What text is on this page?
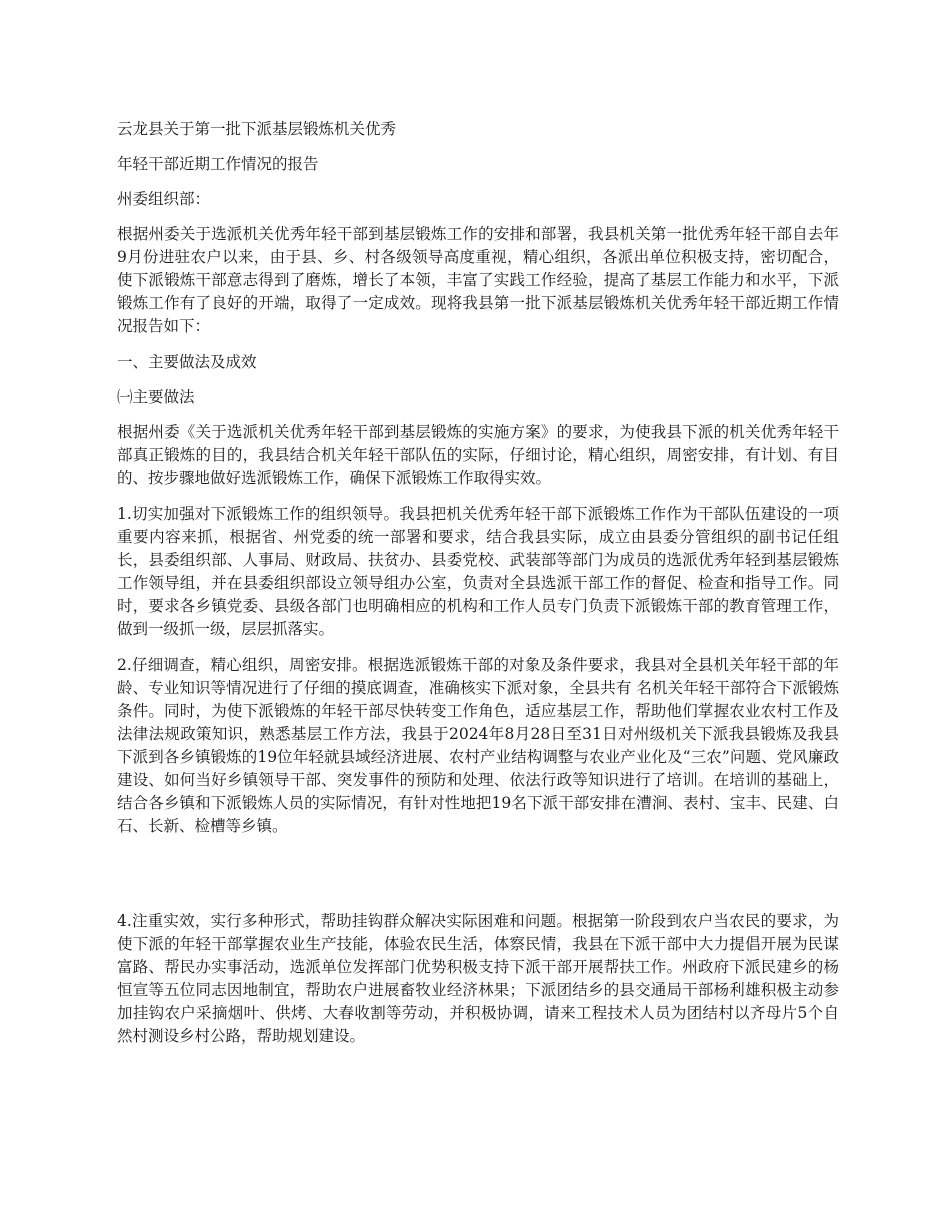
云龙县关于第一批下派基层锻炼机关优秀

年轻干部近期工作情况的报告

州委组织部：

根据州委关于选派机关优秀年轻干部到基层锻炼工作的安排和部署，我县机关第一批优秀年轻干部自去年9月份进驻农户以来，由于县、乡、村各级领导高度重视，精心组织，各派出单位积极支持，密切配合，使下派锻炼干部意志得到了磨炼，增长了本领，丰富了实践工作经验，提高了基层工作能力和水平，下派锻炼工作有了良好的开端，取得了一定成效。现将我县第一批下派基层锻炼机关优秀年轻干部近期工作情况报告如下：

一、主要做法及成效

㈠主要做法

根据州委《关于选派机关优秀年轻干部到基层锻炼的实施方案》的要求，为使我县下派的机关优秀年轻干部真正锻炼的目的，我县结合机关年轻干部队伍的实际，仔细讨论，精心组织，周密安排，有计划、有目的、按步骤地做好选派锻炼工作，确保下派锻炼工作取得实效。

1.切实加强对下派锻炼工作的组织领导。我县把机关优秀年轻干部下派锻炼工作作为干部队伍建设的一项重要内容来抓，根据省、州党委的统一部署和要求，结合我县实际，成立由县委分管组织的副书记任组长，县委组织部、人事局、财政局、扶贫办、县委党校、武装部等部门为成员的选派优秀年轻到基层锻炼工作领导组，并在县委组织部设立领导组办公室，负责对全县选派干部工作的督促、检查和指导工作。同时，要求各乡镇党委、县级各部门也明确相应的机构和工作人员专门负责下派锻炼干部的教育管理工作，做到一级抓一级，层层抓落实。

2.仔细调查，精心组织，周密安排。根据选派锻炼干部的对象及条件要求，我县对全县机关年轻干部的年龄、专业知识等情况进行了仔细的摸底调查，准确核实下派对象，全县共有 名机关年轻干部符合下派锻炼条件。同时，为使下派锻炼的年轻干部尽快转变工作角色，适应基层工作，帮助他们掌握农业农村工作及法律法规政策知识，熟悉基层工作方法，我县于2024年8月28日至31日对州级机关下派我县锻炼及我县下派到各乡镇锻炼的19位年轻就县域经济进展、农村产业结构调整与农业产业化及“三农”问题、党风廉政建设、如何当好乡镇领导干部、突发事件的预防和处理、依法行政等知识进行了培训。在培训的基础上，结合各乡镇和下派锻炼人员的实际情况，有针对性地把19名下派干部安排在漕涧、表村、宝丰、民建、白石、长新、检槽等乡镇。

4.注重实效，实行多种形式，帮助挂钩群众解决实际困难和问题。根据第一阶段到农户当农民的要求，为使下派的年轻干部掌握农业生产技能，体验农民生活，体察民情，我县在下派干部中大力提倡开展为民谋富路、帮民办实事活动，选派单位发挥部门优势积极支持下派干部开展帮扶工作。州政府下派民建乡的杨恒宣等五位同志因地制宜，帮助农户进展畜牧业经济林果；下派团结乡的县交通局干部杨利雄积极主动参加挂钩农户采摘烟叶、供烤、大春收割等劳动，并积极协调，请来工程技术人员为团结村以齐母片5个自然村测设乡村公路，帮助规划建设。
